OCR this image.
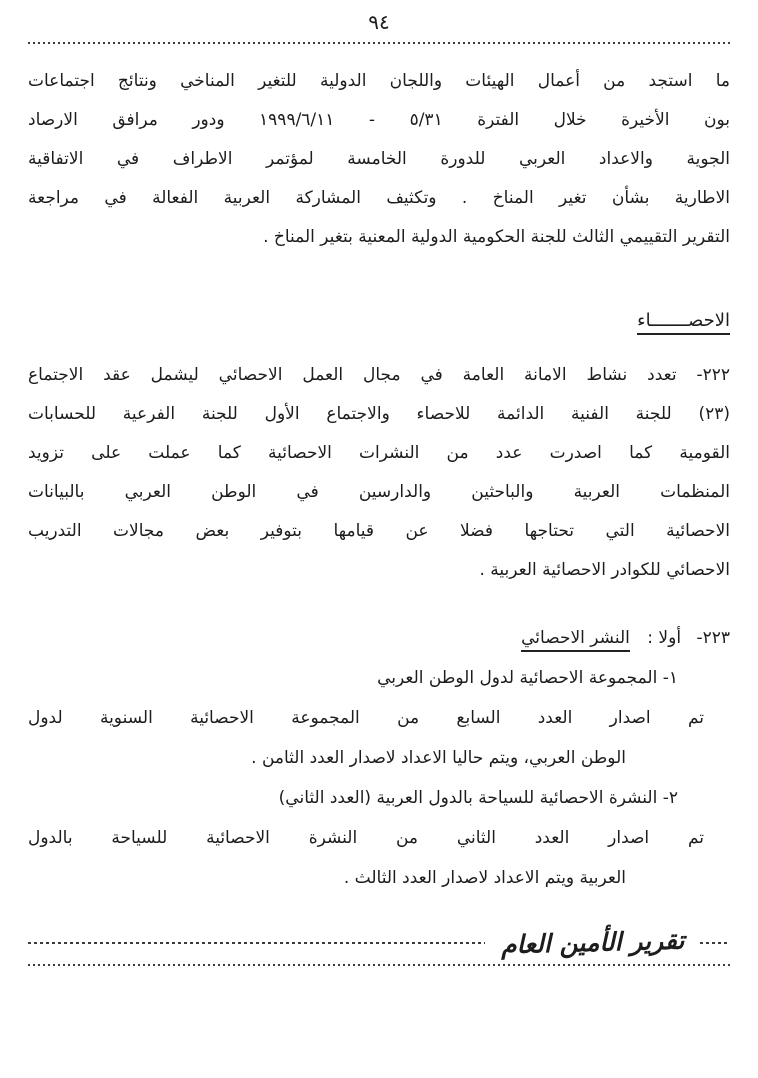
٩٤
ما استجد من أعمال الهيئات واللجان الدولية للتغير المناخي ونتائج اجتماعات
بون الأخيرة خلال الفترة ٥/٣١ - ١٩٩٩/٦/١١ ودور مرافق الارصاد
الجوية والاعداد العربي للدورة الخامسة لمؤتمر الاطراف في الاتفاقية
الاطارية بشأن تغير المناخ . وتكثيف المشاركة العربية الفعالة في مراجعة
التقرير التقييمي الثالث للجنة الحكومية الدولية المعنية بتغير المناخ .
الاحصـــــــاء
٢٢٢- تعدد نشاط الامانة العامة في مجال العمل الاحصائي ليشمل عقد الاجتماع
(٢٣) للجنة الفنية الدائمة للاحصاء والاجتماع الأول للجنة الفرعية للحسابات
القومية كما اصدرت عدد من النشرات الاحصائية كما عملت على تزويد
المنظمات العربية والباحثين والدارسين في الوطن العربي بالبيانات
الاحصائية التي تحتاجها فضلا عن قيامها بتوفير بعض مجالات التدريب
الاحصائي للكوادر الاحصائية العربية .
٢٢٣- أولا : النشر الاحصائي
١- المجموعة الاحصائية لدول الوطن العربي
تم اصدار العدد السابع من المجموعة الاحصائية السنوية لدول
الوطن العربي، ويتم حاليا الاعداد لاصدار العدد الثامن .
٢- النشرة الاحصائية للسياحة بالدول العربية (العدد الثاني)
تم اصدار العدد الثاني من النشرة الاحصائية للسياحة بالدول
العربية ويتم الاعداد لاصدار العدد الثالث .
تقرير الأمين العام
